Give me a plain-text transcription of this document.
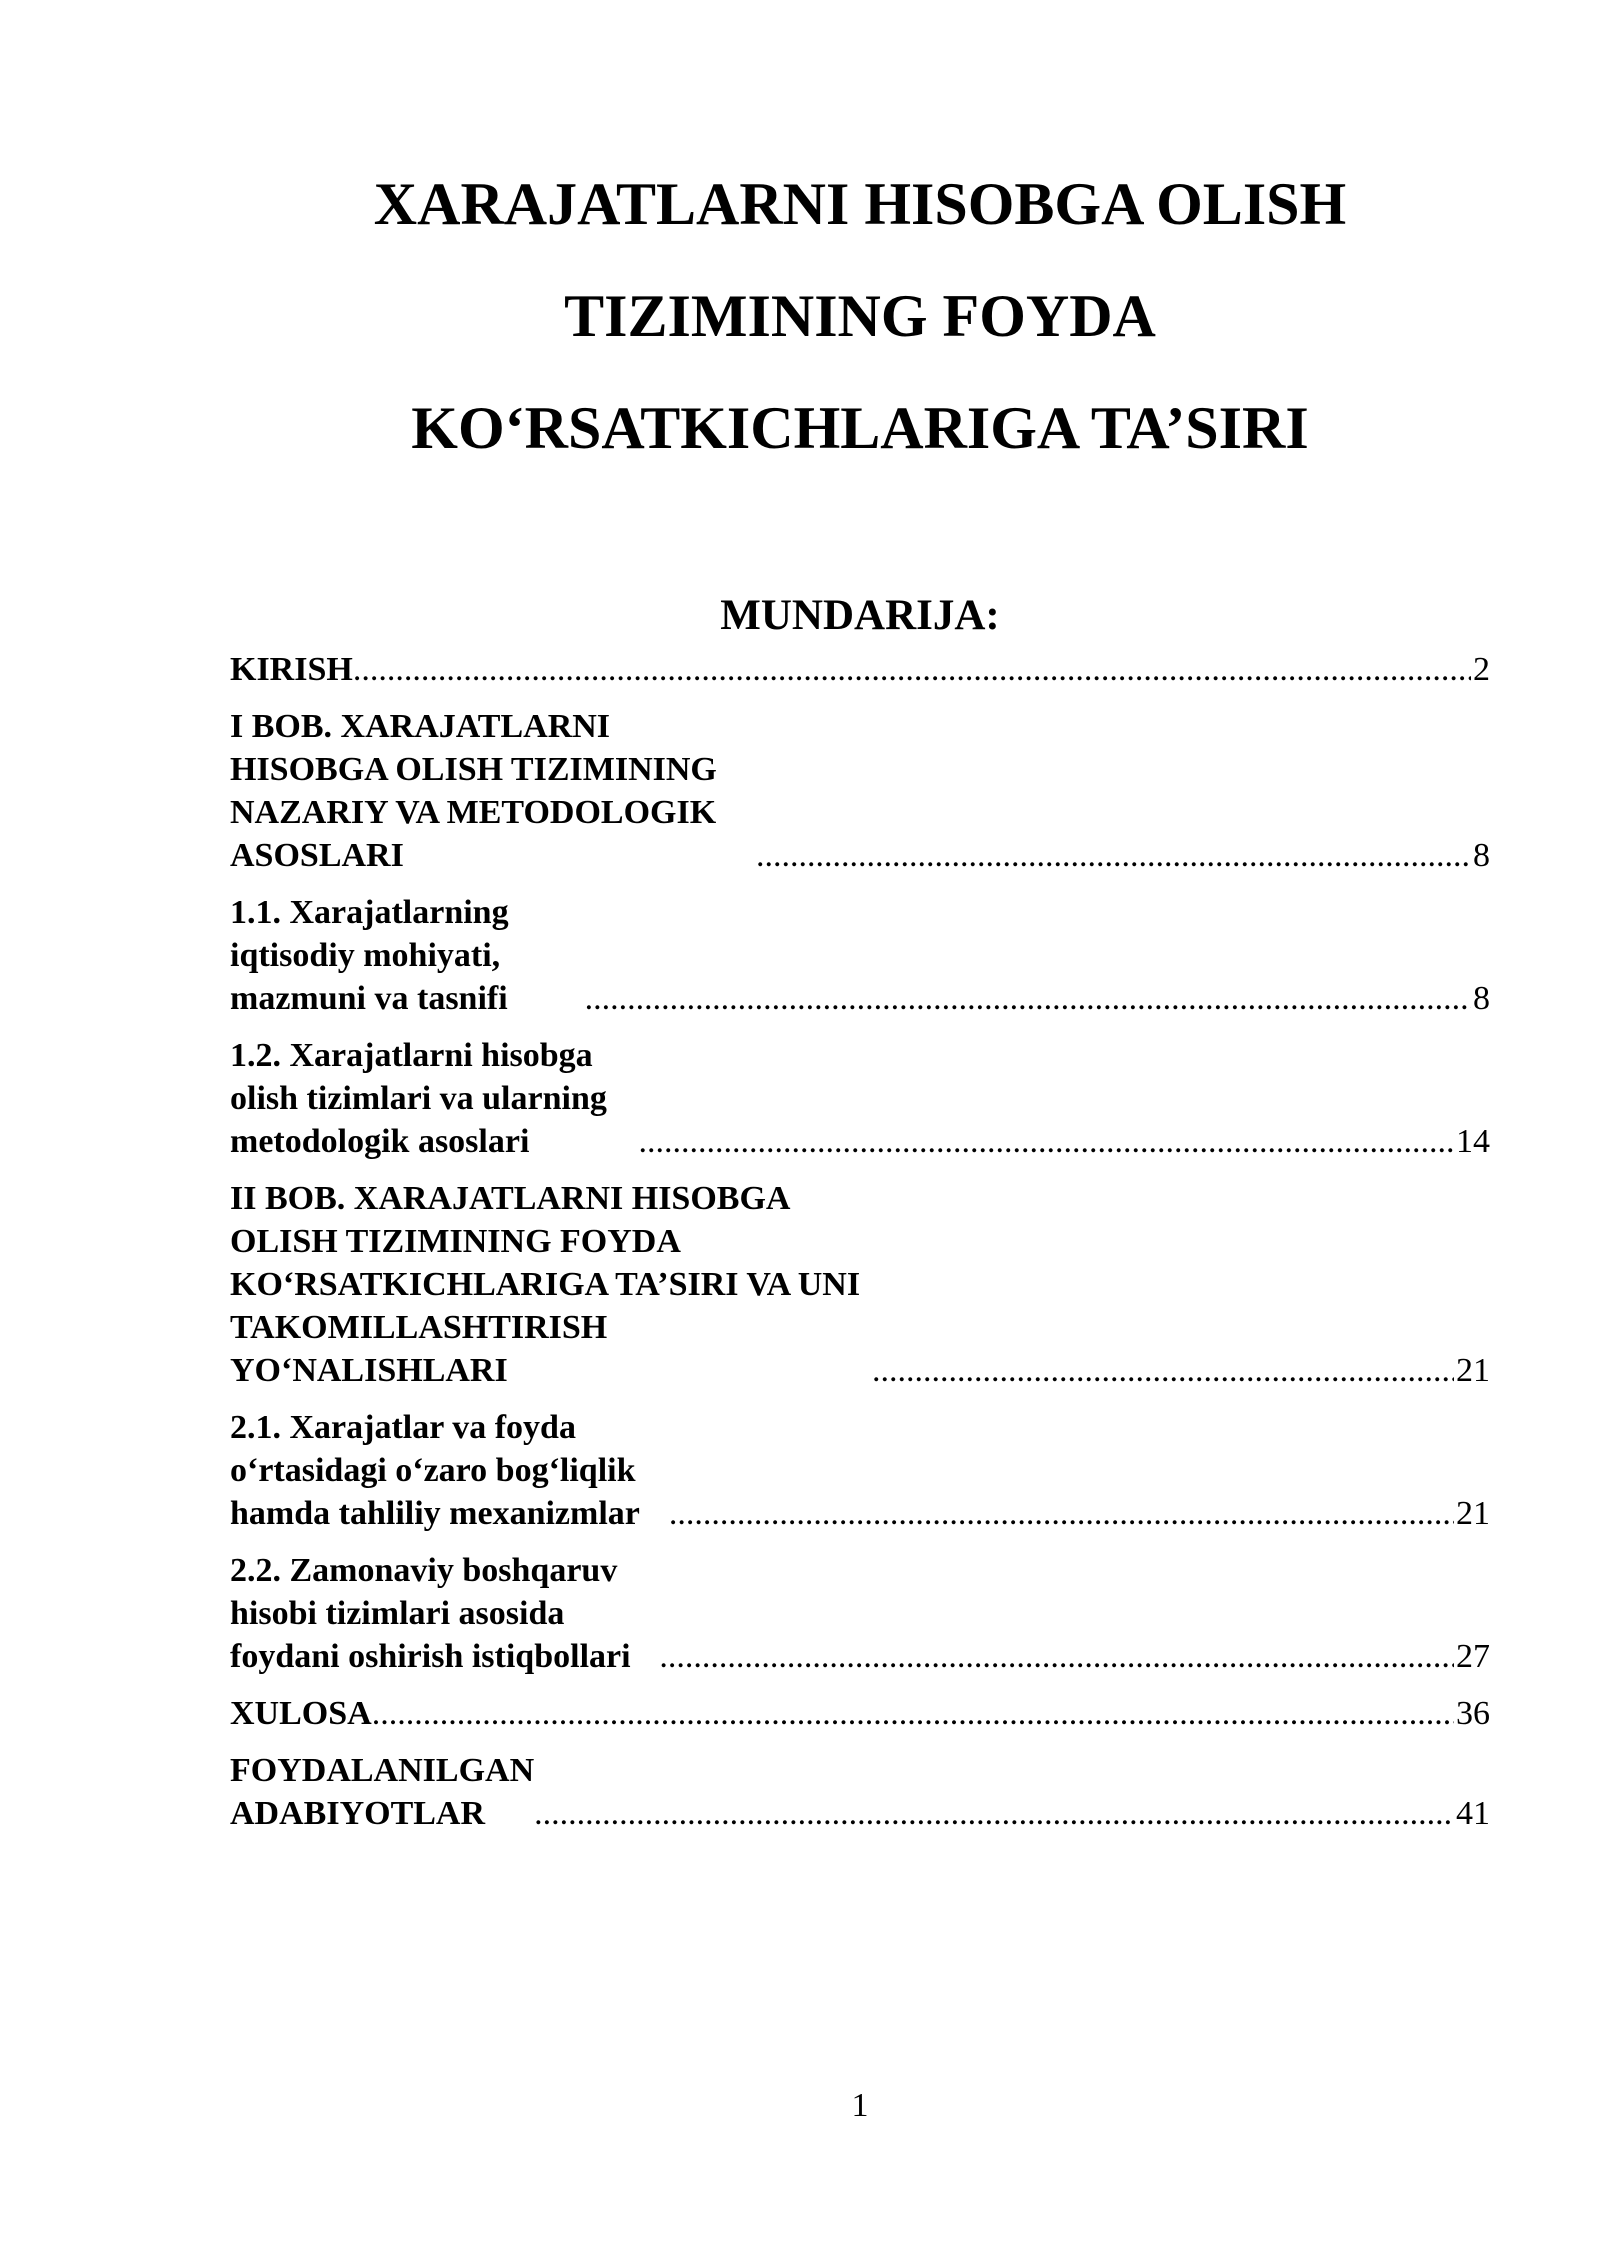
XARAJATLARNI HISOBGA OLISH
TIZIMINING FOYDA
KO‘RSATKICHLARIGA TA’SIRI
MUNDARIJA:
KIRISH .....	2
I BOB. XARAJATLARNI HISOBGA OLISH TIZIMINING NAZARIY VA METODOLOGIK ASOSLARI .....	8
1.1. Xarajatlarning iqtisodiy mohiyati, mazmuni va tasnifi .....	8
1.2. Xarajatlarni hisobga olish tizimlari va ularning metodologik asoslari .....	14
II BOB. XARAJATLARNI HISOBGA OLISH TIZIMINING FOYDA KO‘RSATKICHLARIGA TA’SIRI VA UNI TAKOMILLASHTIRISH YO‘NALISHLARI .....	21
2.1. Xarajatlar va foyda o‘rtasidagi o‘zaro bog‘liqlik hamda tahliliy mexanizmlar .....	21
2.2. Zamonaviy boshqaruv hisobi tizimlari asosida foydani oshirish istiqbollari .....	27
XULOSA .....	36
FOYDALANILGAN ADABIYOTLAR .....	41
1
